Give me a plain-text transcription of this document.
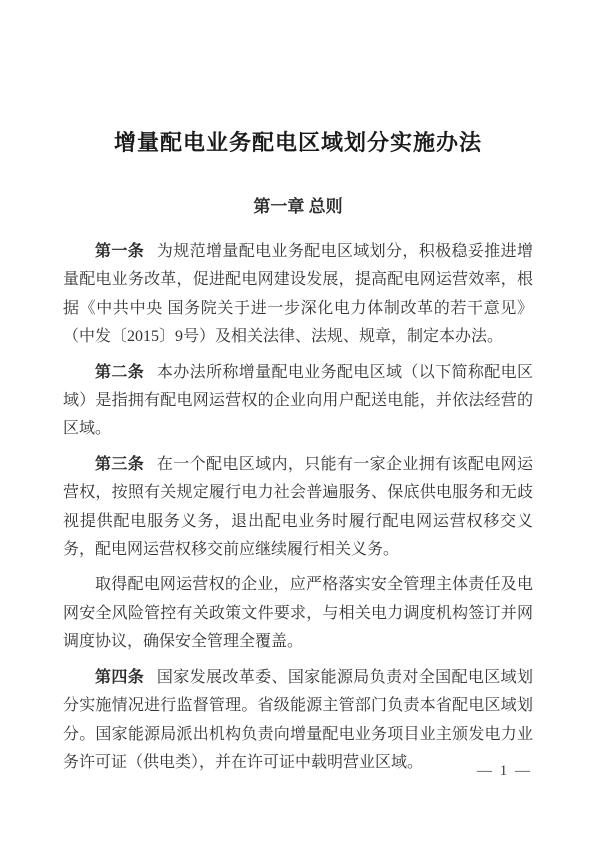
增量配电业务配电区域划分实施办法
第一章 总则

第一条 为规范增量配电业务配电区域划分，积极稳妥推进增量配电业务改革，促进配电网建设发展，提高配电网运营效率，根据《中共中央 国务院关于进一步深化电力体制改革的若干意见》（中发〔2015〕9号）及相关法律、法规、规章，制定本办法。

第二条 本办法所称增量配电业务配电区域（以下简称配电区域）是指拥有配电网运营权的企业向用户配送电能，并依法经营的区域。

第三条 在一个配电区域内，只能有一家企业拥有该配电网运营权，按照有关规定履行电力社会普遍服务、保底供电服务和无歧视提供配电服务义务，退出配电业务时履行配电网运营权移交义务，配电网运营权移交前应继续履行相关义务。

取得配电网运营权的企业，应严格落实安全管理主体责任及电网安全风险管控有关政策文件要求，与相关电力调度机构签订并网调度协议，确保安全管理全覆盖。

第四条 国家发展改革委、国家能源局负责对全国配电区域划分实施情况进行监督管理。省级能源主管部门负责本省配电区域划分。国家能源局派出机构负责向增量配电业务项目业主颁发电力业务许可证（供电类），并在许可证中载明营业区域。

— 1 —
